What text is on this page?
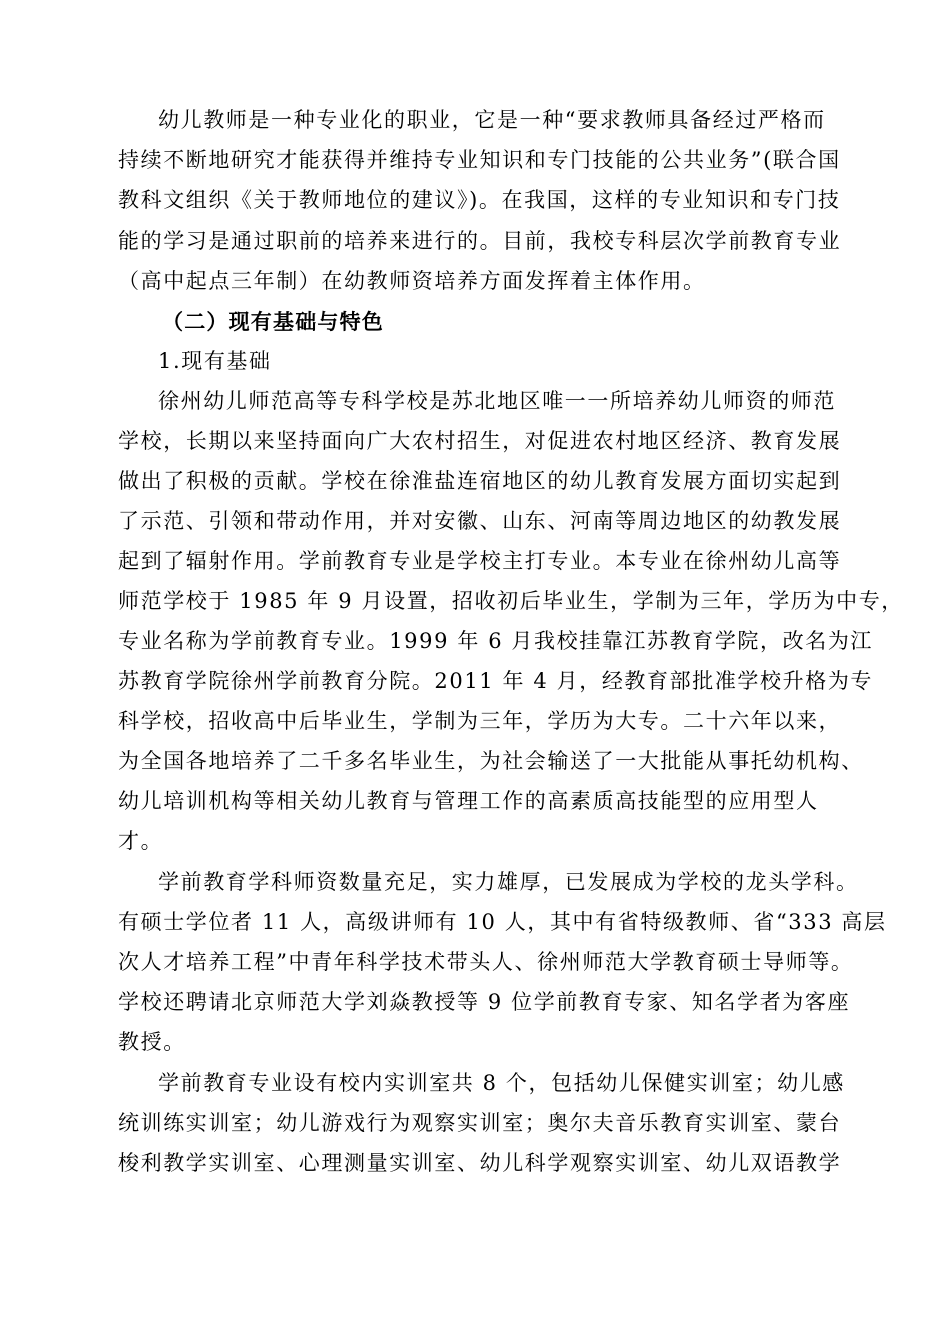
幼儿教师是一种专业化的职业，它是一种“要求教师具备经过严格而
持续不断地研究才能获得并维持专业知识和专门技能的公共业务”(联合国
教科文组织《关于教师地位的建议》)。在我国，这样的专业知识和专门技
能的学习是通过职前的培养来进行的。目前，我校专科层次学前教育专业
（高中起点三年制）在幼教师资培养方面发挥着主体作用。
（二）现有基础与特色
1.现有基础
徐州幼儿师范高等专科学校是苏北地区唯一一所培养幼儿师资的师范
学校，长期以来坚持面向广大农村招生，对促进农村地区经济、教育发展
做出了积极的贡献。学校在徐淮盐连宿地区的幼儿教育发展方面切实起到
了示范、引领和带动作用，并对安徽、山东、河南等周边地区的幼教发展
起到了辐射作用。学前教育专业是学校主打专业。本专业在徐州幼儿高等
师范学校于 1985 年 9 月设置，招收初后毕业生，学制为三年，学历为中专，
专业名称为学前教育专业。1999 年 6 月我校挂靠江苏教育学院，改名为江
苏教育学院徐州学前教育分院。2011 年 4 月，经教育部批准学校升格为专
科学校，招收高中后毕业生，学制为三年，学历为大专。二十六年以来，
为全国各地培养了二千多名毕业生，为社会输送了一大批能从事托幼机构、
幼儿培训机构等相关幼儿教育与管理工作的高素质高技能型的应用型人
才。
学前教育学科师资数量充足，实力雄厚，已发展成为学校的龙头学科。
有硕士学位者 11 人，高级讲师有 10 人，其中有省特级教师、省“333 高层
次人才培养工程”中青年科学技术带头人、徐州师范大学教育硕士导师等。
学校还聘请北京师范大学刘焱教授等 9 位学前教育专家、知名学者为客座
教授。
学前教育专业设有校内实训室共 8 个，包括幼儿保健实训室；幼儿感
统训练实训室；幼儿游戏行为观察实训室；奥尔夫音乐教育实训室、蒙台
梭利教学实训室、心理测量实训室、幼儿科学观察实训室、幼儿双语教学
